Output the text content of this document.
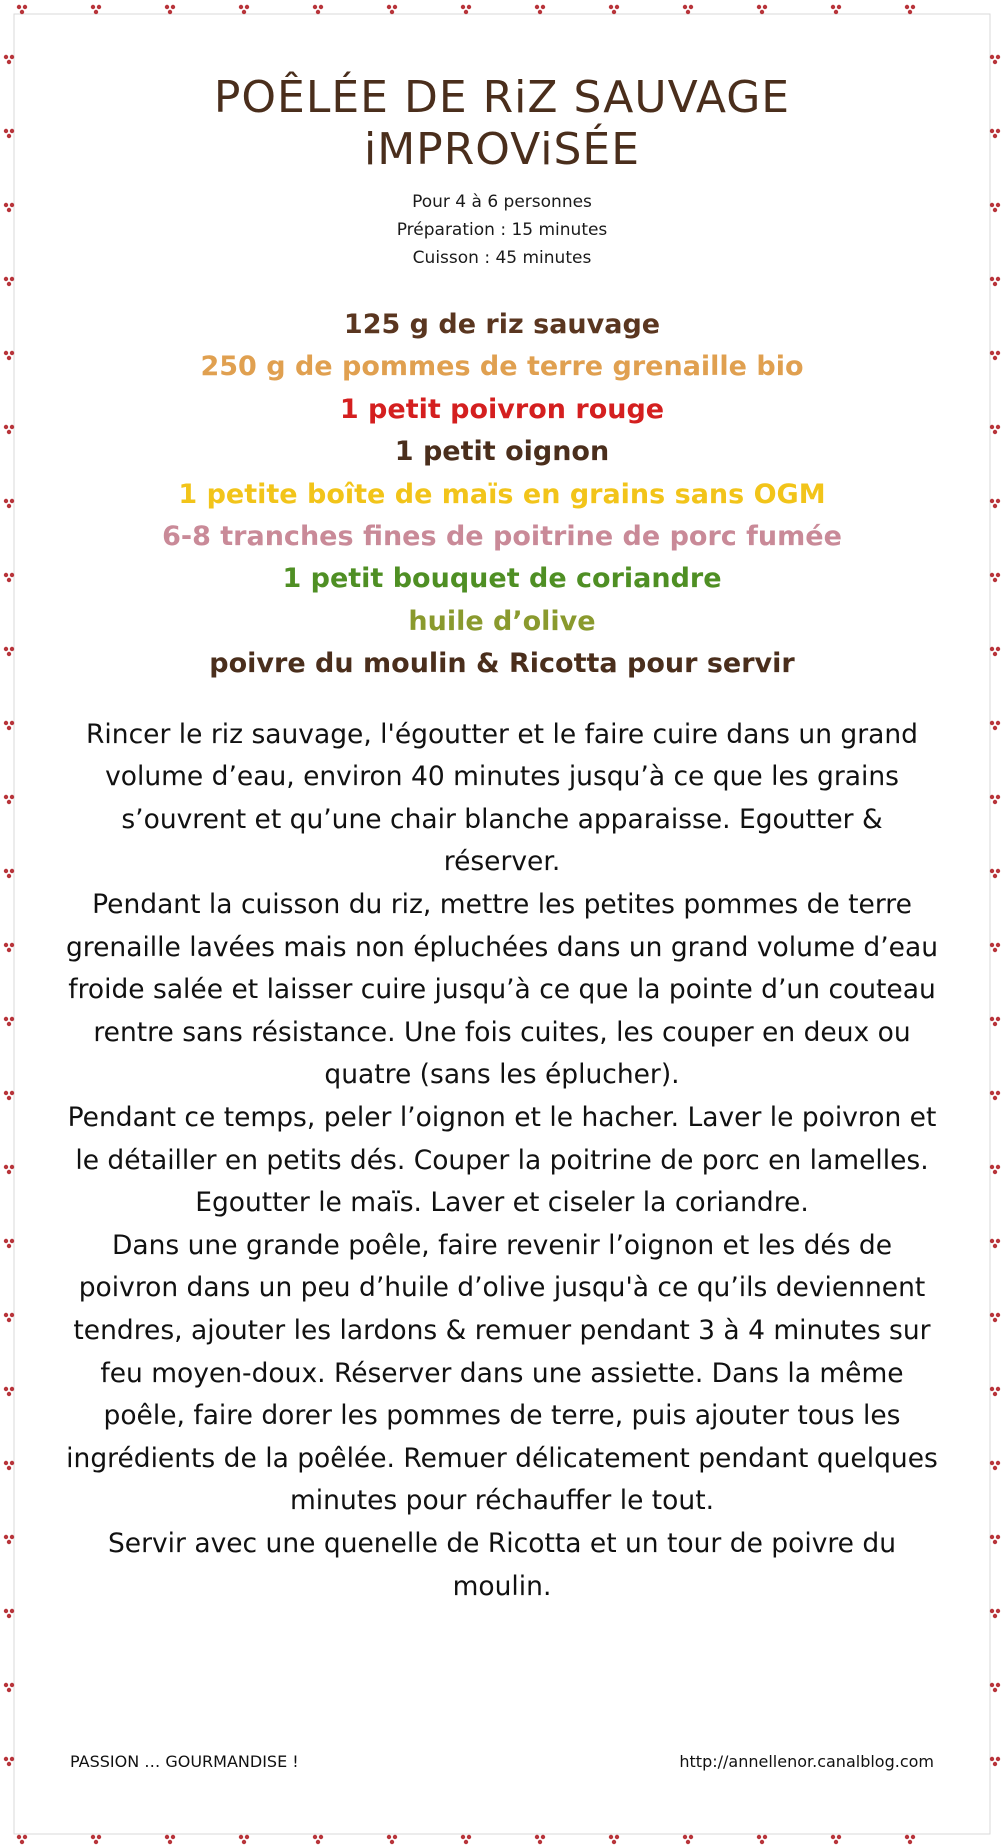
POÊLÉE DE RiZ SAUVAGE
iMPROViSÉE
Pour 4 à 6 personnes
Préparation : 15 minutes
Cuisson : 45 minutes
125 g de riz sauvage
250 g de pommes de terre grenaille bio
1 petit poivron rouge
1 petit oignon
1 petite boîte de maïs en grains sans OGM
6-8 tranches fines de poitrine de porc fumée
1 petit bouquet de coriandre
huile d’olive
poivre du moulin & Ricotta pour servir
Rincer le riz sauvage, l'égoutter et le faire cuire dans un grand volume d’eau, environ 40 minutes jusqu’à ce que les grains s’ouvrent et qu’une chair blanche apparaisse. Egoutter & réserver.
Pendant la cuisson du riz, mettre les petites pommes de terre grenaille lavées mais non épluchées dans un grand volume d’eau froide salée et laisser cuire jusqu’à ce que la pointe d’un couteau rentre sans résistance. Une fois cuites, les couper en deux ou quatre (sans les éplucher).
Pendant ce temps, peler l’oignon et le hacher. Laver le poivron et le détailler en petits dés. Couper la poitrine de porc en lamelles. Egoutter le maïs. Laver et ciseler la coriandre.
Dans une grande poêle, faire revenir l’oignon et les dés de poivron dans un peu d’huile d’olive jusqu'à ce qu’ils deviennent tendres, ajouter les lardons & remuer pendant 3 à 4 minutes sur feu moyen-doux. Réserver dans une assiette. Dans la même poêle, faire dorer les pommes de terre, puis ajouter tous les ingrédients de la poêlée. Remuer délicatement pendant quelques minutes pour réchauffer le tout.
Servir avec une quenelle de Ricotta et un tour de poivre du moulin.
PASSION … GOURMANDISE !	http://annellenor.canalblog.com
